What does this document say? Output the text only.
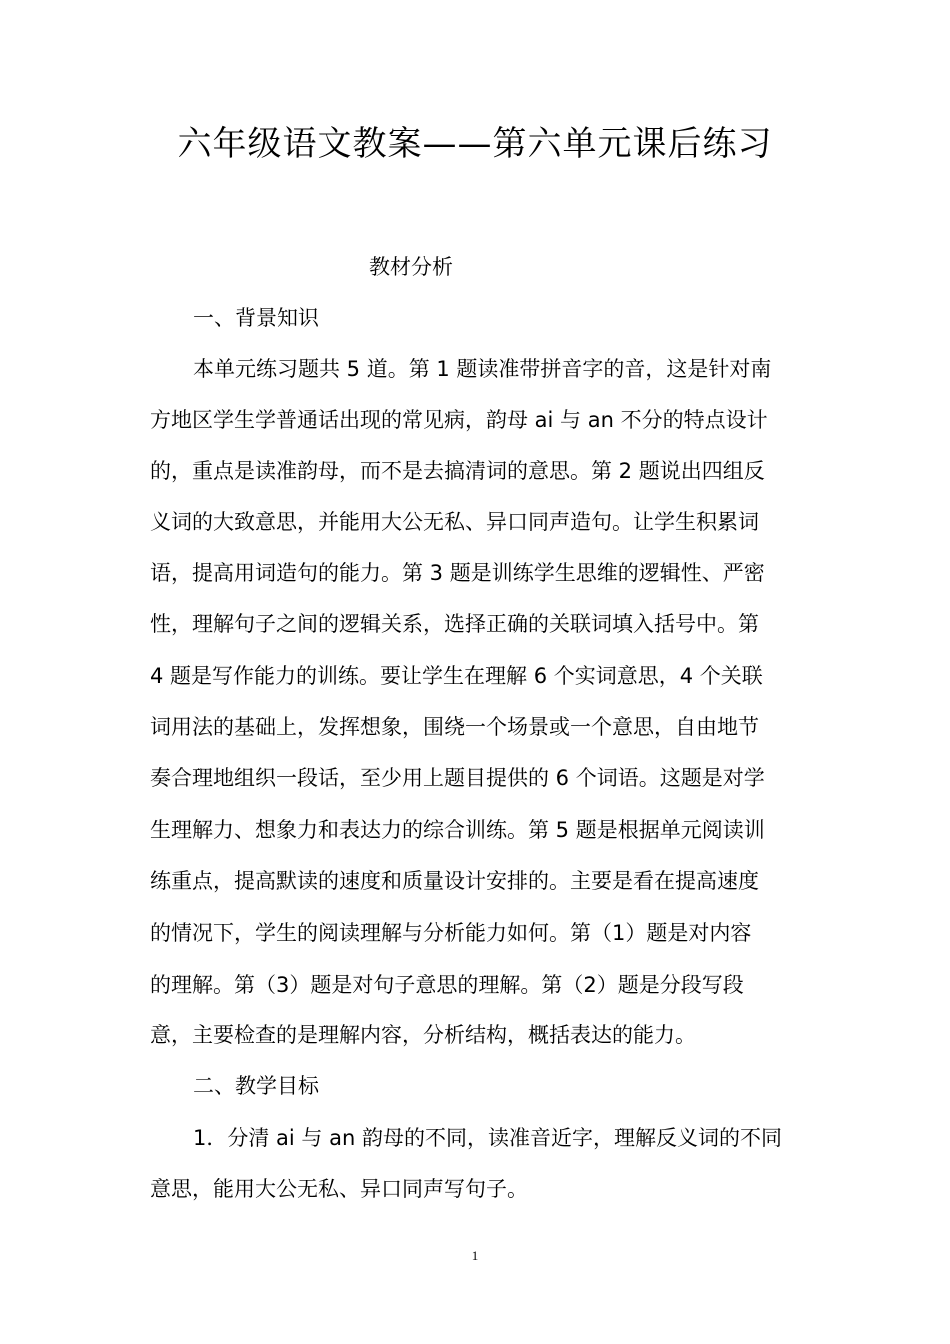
六年级语文教案——第六单元课后练习
教材分析
一、背景知识
本单元练习题共 5 道。第 1 题读准带拼音字的音，这是针对南
方地区学生学普通话出现的常见病，韵母 ai 与 an 不分的特点设计
的，重点是读准韵母，而不是去搞清词的意思。第 2 题说出四组反
义词的大致意思，并能用大公无私、异口同声造句。让学生积累词
语，提高用词造句的能力。第 3 题是训练学生思维的逻辑性、严密
性，理解句子之间的逻辑关系，选择正确的关联词填入括号中。第
4 题是写作能力的训练。要让学生在理解 6 个实词意思，4 个关联
词用法的基础上，发挥想象，围绕一个场景或一个意思，自由地节
奏合理地组织一段话，至少用上题目提供的 6 个词语。这题是对学
生理解力、想象力和表达力的综合训练。第 5 题是根据单元阅读训
练重点，提高默读的速度和质量设计安排的。主要是看在提高速度
的情况下，学生的阅读理解与分析能力如何。第（1）题是对内容
的理解。第（3）题是对句子意思的理解。第（2）题是分段写段
意，主要检查的是理解内容，分析结构，概括表达的能力。
二、教学目标
1．分清 ai 与 an 韵母的不同，读准音近字，理解反义词的不同
意思，能用大公无私、异口同声写句子。
1
